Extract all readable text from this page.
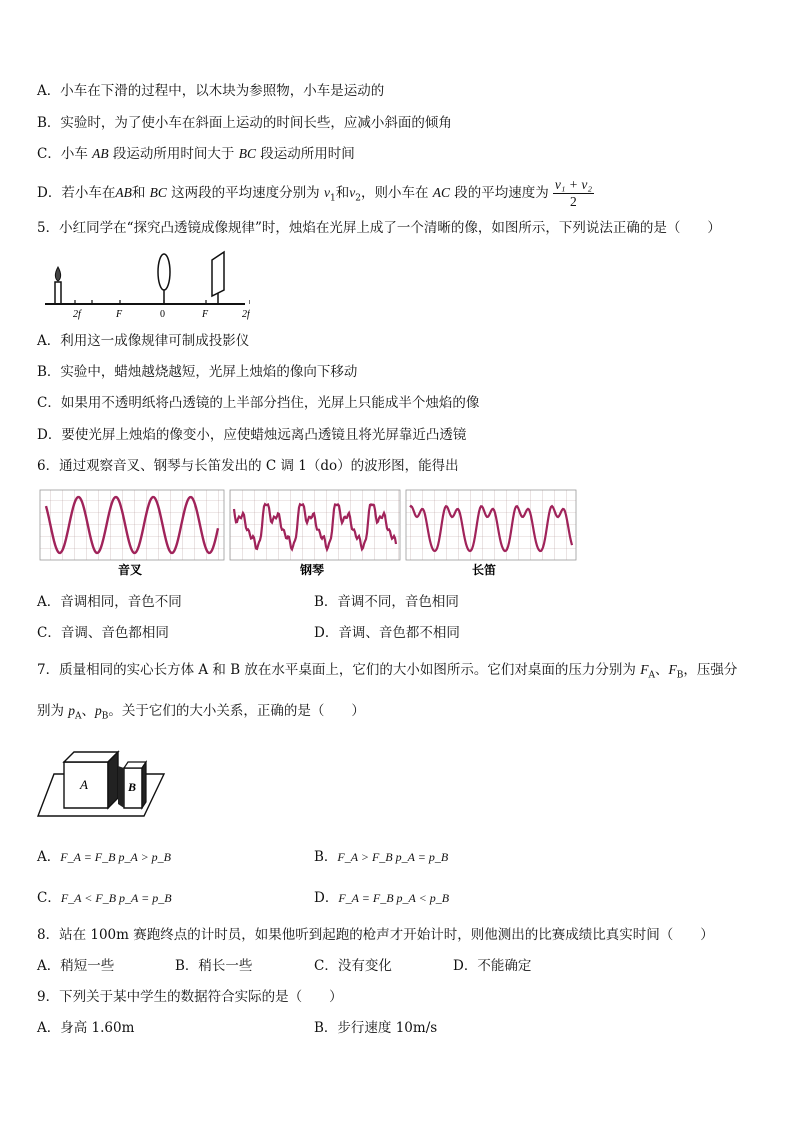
A．小车在下滑的过程中，以木块为参照物，小车是运动的
B．实验时，为了使小车在斜面上运动的时间长些，应减小斜面的倾角
C．小车 AB 段运动所用时间大于 BC 段运动所用时间
D．若小车在AB和 BC 这两段的平均速度分别为 $v_1$和$v_2$，则小车在 AC 段的平均速度为 $\frac{\text{v₁ + v₂}}{2}$
5．小红同学在“探究凸透镜成像规律”时，烛焰在光屏上成了一个清晰的像，如图所示，下列说法正确的是（　　）
2f	F	0	F	2f
A．利用这一成像规律可制成投影仪
B．实验中，蜡烛越烧越短，光屏上烛焰的像向下移动
C．如果用不透明纸将凸透镜的上半部分挡住，光屏上只能成半个烛焰的像
D．要使光屏上烛焰的像变小，应使蜡烛远离凸透镜且将光屏靠近凸透镜
6．通过观察音叉、钢琴与长笛发出的 C 调 1（do）的波形图，能得出
音叉	钢琴	长笛
A．音调相同，音色不同	B．音调不同，音色相同
C．音调、音色都相同	D．音调、音色都不相同
7．质量相同的实心长方体 A 和 B 放在水平桌面上，它们的大小如图所示。它们对桌面的压力分别为 $F_A$、$F_B$，压强分
别为 $p_A$、$p_B$。关于它们的大小关系，正确的是（　　）
A	B
A．F_A = F_B p_A > p_B	B．F_A > F_B p_A = p_B
C．F_A < F_B p_A = p_B	D．F_A = F_B p_A < p_B
8．站在 100m 赛跑终点的计时员，如果他听到起跑的枪声才开始计时，则他测出的比赛成绩比真实时间（　　）
A．稍短一些	B．稍长一些	C．没有变化	D．不能确定
9．下列关于某中学生的数据符合实际的是（　　）
A．身高 1.60m	B．步行速度 10m/s
